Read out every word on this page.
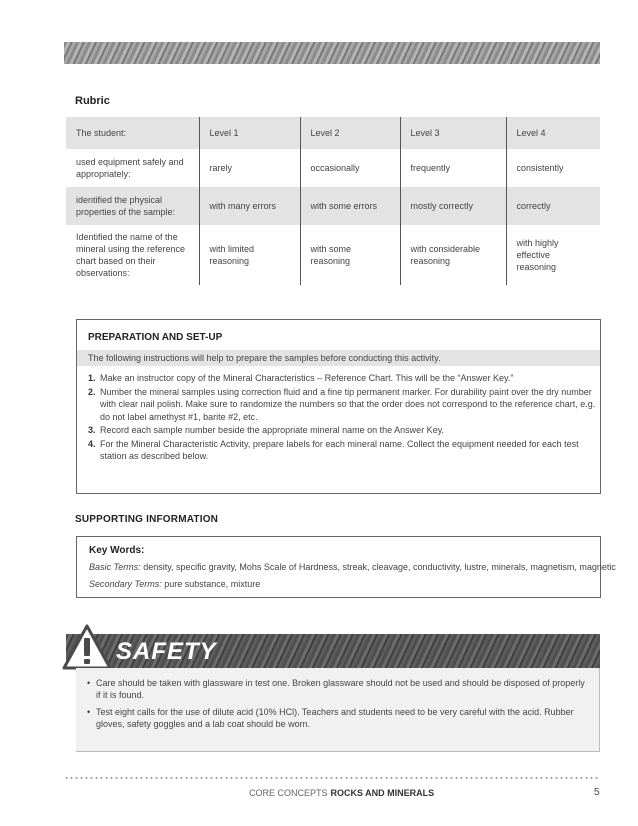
Rubric
The student:	Level 1	Level 2	Level 3	Level 4
used equipment safely and appropriately:	rarely	occasionally	frequently	consistently
identified the physical properties of the sample:	with many errors	with some errors	mostly correctly	correctly
Identified the name of the mineral using the reference chart based on their observations:	with limited reasoning	with some reasoning	with considerable reasoning	with highly effective reasoning
PREPARATION AND SET-UP
The following instructions will help to prepare the samples before conducting this activity.
1. Make an instructor copy of the Mineral Characteristics – Reference Chart. This will be the “Answer Key.”
2. Number the mineral samples using correction fluid and a fine tip permanent marker. For durability paint over the dry number with clear nail polish. Make sure to randomize the numbers so that the order does not correspond to the reference chart, e.g. do not label amethyst #1, barite #2, etc.
3. Record each sample number beside the appropriate mineral name on the Answer Key.
4. For the Mineral Characteristic Activity, prepare labels for each mineral name. Collect the equipment needed for each test station as described below.
SUPPORTING INFORMATION
Key Words:
Basic Terms: density, specific gravity, Mohs Scale of Hardness, streak, cleavage, conductivity, lustre, minerals, magnetism, magnetic
Secondary Terms: pure substance, mixture
SAFETY
• Care should be taken with glassware in test one. Broken glassware should not be used and should be disposed of properly if it is found.
• Test eight calls for the use of dilute acid (10% HCl). Teachers and students need to be very careful with the acid. Rubber gloves, safety goggles and a lab coat should be worn.
CORE CONCEPTS ROCKS AND MINERALS	5
